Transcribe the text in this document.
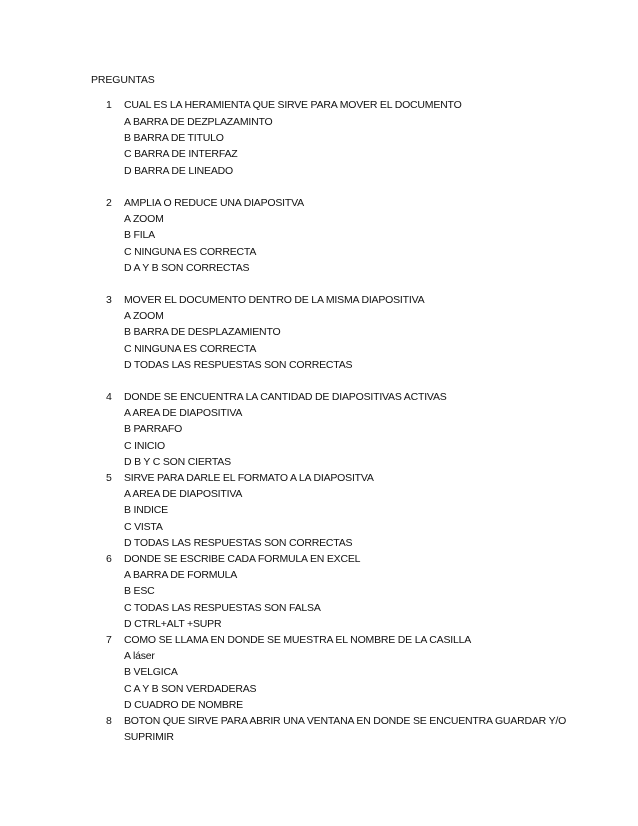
PREGUNTAS
1	CUAL ES LA HERAMIENTA QUE SIRVE PARA MOVER EL DOCUMENTO
A BARRA DE DEZPLAZAMINTO
B BARRA DE TITULO
C BARRA DE INTERFAZ
D BARRA DE LINEADO
2	AMPLIA O REDUCE UNA DIAPOSITVA
A ZOOM
B FILA
C NINGUNA ES CORRECTA
D A Y B SON CORRECTAS
3	MOVER EL DOCUMENTO DENTRO DE LA MISMA DIAPOSITIVA
A ZOOM
B BARRA DE DESPLAZAMIENTO
C NINGUNA ES CORRECTA
D TODAS LAS RESPUESTAS SON CORRECTAS
4	DONDE SE ENCUENTRA LA CANTIDAD DE DIAPOSITIVAS ACTIVAS
A AREA DE DIAPOSITIVA
B PARRAFO
C INICIO
D B Y C SON CIERTAS
5	SIRVE PARA DARLE EL FORMATO A LA DIAPOSITVA
A AREA DE DIAPOSITIVA
B INDICE
C VISTA
D TODAS LAS RESPUESTAS SON CORRECTAS
6	DONDE SE ESCRIBE CADA FORMULA EN EXCEL
A BARRA DE FORMULA
B ESC
C TODAS LAS RESPUESTAS SON FALSA
D CTRL+ALT +SUPR
7	COMO SE LLAMA EN DONDE SE MUESTRA EL NOMBRE DE LA CASILLA
A láser
B VELGICA
C A Y B SON VERDADERAS
D CUADRO DE NOMBRE
8	BOTON QUE SIRVE PARA ABRIR UNA VENTANA EN DONDE SE ENCUENTRA GUARDAR Y/O
SUPRIMIR
